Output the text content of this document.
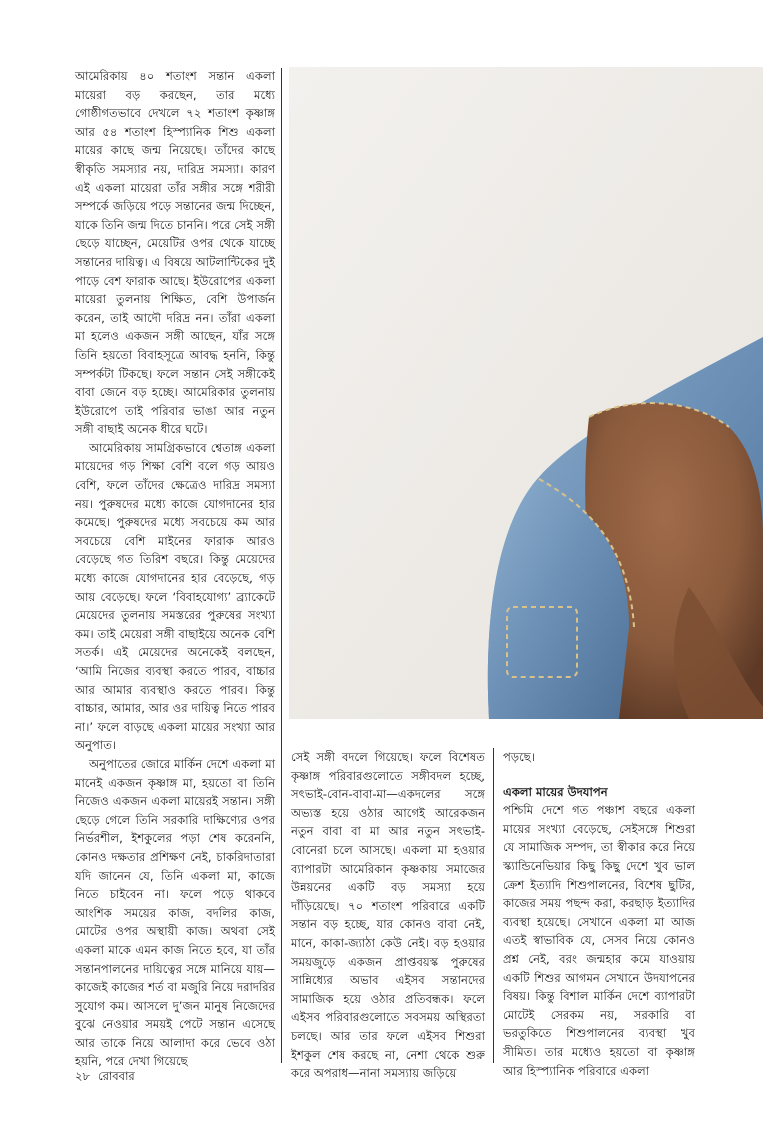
আমেরিকায় ৪০ শতাংশ সন্তান একলা মায়েরা বড় করছেন, তার মধ্যে গোষ্ঠীগতভাবে দেখলে ৭২ শতাংশ কৃষ্ণাঙ্গ আর ৫৪ শতাংশ হিস্প্যানিক শিশু একলা মায়ের কাছে জন্ম নিয়েছে। তাঁদের কাছে স্বীকৃতি সমস্যার নয়, দারিদ্র সমস্যা। কারণ এই একলা মায়েরা তাঁর সঙ্গীর সঙ্গে শরীরী সম্পর্কে জড়িয়ে পড়ে সন্তানের জন্ম দিচ্ছেন, যাকে তিনি জন্ম দিতে চাননি। পরে সেই সঙ্গী ছেড়ে যাচ্ছেন, মেয়েটির ওপর থেকে যাচ্ছে সন্তানের দায়িত্ব। এ বিষয়ে আটলান্টিকের দুই পাড়ে বেশ ফারাক আছে। ইউরোপের একলা মায়েরা তুলনায় শিক্ষিত, বেশি উপার্জন করেন, তাই আদৌ দরিদ্র নন। তাঁরা একলা মা হলেও একজন সঙ্গী আছেন, যাঁর সঙ্গে তিনি হয়তো বিবাহসূত্রে আবদ্ধ হননি, কিন্তু সম্পর্কটা টিকছে। ফলে সন্তান সেই সঙ্গীকেই বাবা জেনে বড় হচ্ছে। আমেরিকার তুলনায় ইউরোপে তাই পরিবার ভাঙা আর নতুন সঙ্গী বাছাই অনেক ধীরে ঘটে।

আমেরিকায় সামগ্রিকভাবে শ্বেতাঙ্গ একলা মায়েদের গড় শিক্ষা বেশি বলে গড় আয়ও বেশি, ফলে তাঁদের ক্ষেত্রেও দারিদ্র সমস্যা নয়। পুরুষদের মধ্যে কাজে যোগদানের হার কমেছে। পুরুষদের মধ্যে সবচেয়ে কম আর সবচেয়ে বেশি মাইনের ফারাক আরও বেড়েছে গত তিরিশ বছরে। কিন্তু মেয়েদের মধ্যে কাজে যোগদানের হার বেড়েছে, গড় আয় বেড়েছে। ফলে ‘বিবাহযোগ্য’ ব্র্যাকেটে মেয়েদের তুলনায় সমস্তরের পুরুষের সংখ্যা কম। তাই মেয়েরা সঙ্গী বাছাইয়ে অনেক বেশি সতর্ক। এই মেয়েদের অনেকেই বলছেন, ‘আমি নিজের ব্যবস্থা করতে পারব, বাচ্চার আর আমার ব্যবস্থাও করতে পারব। কিন্তু বাচ্চার, আমার, আর ওর দায়িত্ব নিতে পারব না।’ ফলে বাড়ছে একলা মায়ের সংখ্যা আর অনুপাত।

অনুপাতের জোরে মার্কিন দেশে একলা মা মানেই একজন কৃষ্ণাঙ্গ মা, হয়তো বা তিনি নিজেও একজন একলা মায়েরই সন্তান। সঙ্গী ছেড়ে গেলে তিনি সরকারি দাক্ষিণ্যের ওপর নির্ভরশীল, ইশকুলের পড়া শেষ করেননি, কোনও দক্ষতার প্রশিক্ষণ নেই, চাকরিদাতারা যদি জানেন যে, তিনি একলা মা, কাজে নিতে চাইবেন না। ফলে পড়ে থাকবে আংশিক সময়ের কাজ, বদলির কাজ, মোটের ওপর অস্থায়ী কাজ। অথবা সেই একলা মাকে এমন কাজ নিতে হবে, যা তাঁর সন্তানপালনের দায়িত্বের সঙ্গে মানিয়ে যায়—কাজেই কাজের শর্ত বা মজুরি নিয়ে দরাদরির সুযোগ কম। আসলে দু’জন মানুষ নিজেদের বুঝে নেওয়ার সময়ই পেটে সন্তান এসেছে আর তাকে নিয়ে আলাদা করে ভেবে ওঠা হয়নি, পরে দেখা গিয়েছে

সেই সঙ্গী বদলে গিয়েছে। ফলে বিশেষত কৃষ্ণাঙ্গ পরিবারগুলোতে সঙ্গীবদল হচ্ছে, সৎভাই-বোন-বাবা-মা—একদলের সঙ্গে অভ্যস্ত হয়ে ওঠার আগেই আরেকজন নতুন বাবা বা মা আর নতুন সৎভাই-বোনেরা চলে আসছে। একলা মা হওয়ার ব্যাপারটা আমেরিকান কৃষ্ণকায় সমাজের উন্নয়নের একটি বড় সমস্যা হয়ে দাঁড়িয়েছে। ৭০ শতাংশ পরিবারে একটি সন্তান বড় হচ্ছে, যার কোনও বাবা নেই, মানে, কাকা-জ্যাঠা কেউ নেই। বড় হওয়ার সময়জুড়ে একজন প্রাপ্তবয়স্ক পুরুষের সান্নিধ্যের অভাব এইসব সন্তানদের সামাজিক হয়ে ওঠার প্রতিবন্ধক। ফলে এইসব পরিবারগুলোতে সবসময় অস্থিরতা চলছে। আর তার ফলে এইসব শিশুরা ইশকুল শেষ করছে না, নেশা থেকে শুরু করে অপরাধ—নানা সমস্যায় জড়িয়ে

পড়ছে।

একলা মায়ের উদযাপন

পশ্চিমি দেশে গত পঞ্চাশ বছরে একলা মায়ের সংখ্যা বেড়েছে, সেইসঙ্গে শিশুরা যে সামাজিক সম্পদ, তা স্বীকার করে নিয়ে স্ক্যান্ডিনেভিয়ার কিছু কিছু দেশে খুব ভাল ক্রেশ ইত্যাদি শিশুপালনের, বিশেষ ছুটির, কাজের সময় পছন্দ করা, করছাড় ইত্যাদির ব্যবস্থা হয়েছে। সেখানে একলা মা আজ এতই স্বাভাবিক যে, সেসব নিয়ে কোনও প্রশ্ন নেই, বরং জন্মহার কমে যাওয়ায় একটি শিশুর আগমন সেখানে উদযাপনের বিষয়। কিন্তু বিশাল মার্কিন দেশে ব্যাপারটা মোটেই সেরকম নয়, সরকারি বা ভরতুকিতে শিশুপালনের ব্যবস্থা খুব সীমিত। তার মধ্যেও হয়তো বা কৃষ্ণাঙ্গ আর হিস্প্যানিক পরিবারে একলা

২৮ রোববার
